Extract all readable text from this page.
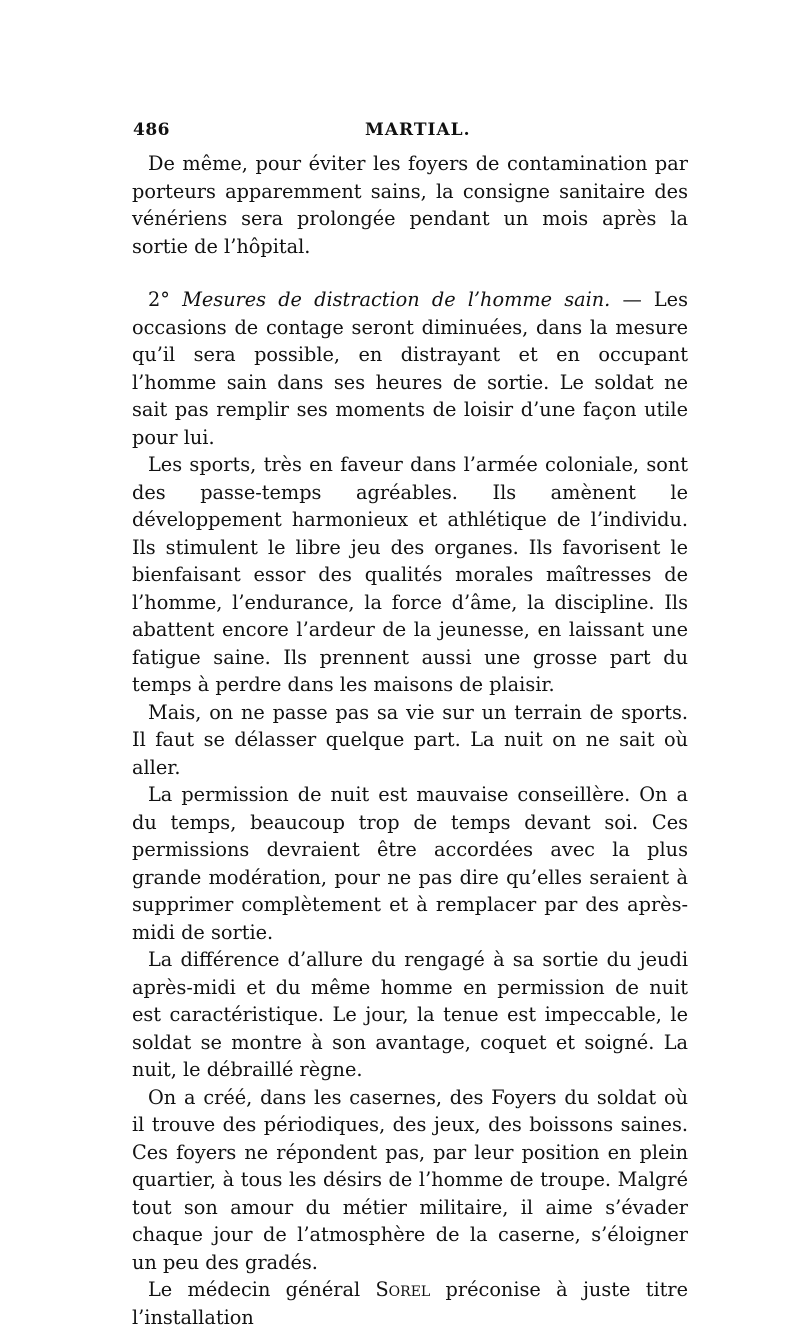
486	MARTIAL.

De même, pour éviter les foyers de contamination par porteurs apparemment sains, la consigne sanitaire des vénériens sera prolongée pendant un mois après la sortie de l’hôpital.

2° Mesures de distraction de l’homme sain. — Les occasions de contage seront diminuées, dans la mesure qu’il sera possible, en distrayant et en occupant l’homme sain dans ses heures de sortie. Le soldat ne sait pas remplir ses moments de loisir d’une façon utile pour lui.

Les sports, très en faveur dans l’armée coloniale, sont des passe-temps agréables. Ils amènent le développement harmonieux et athlétique de l’individu. Ils stimulent le libre jeu des organes. Ils favorisent le bienfaisant essor des qualités morales maîtresses de l’homme, l’endurance, la force d’âme, la discipline. Ils abattent encore l’ardeur de la jeunesse, en laissant une fatigue saine. Ils prennent aussi une grosse part du temps à perdre dans les maisons de plaisir.

Mais, on ne passe pas sa vie sur un terrain de sports. Il faut se délasser quelque part. La nuit on ne sait où aller.

La permission de nuit est mauvaise conseillère. On a du temps, beaucoup trop de temps devant soi. Ces permissions devraient être accordées avec la plus grande modération, pour ne pas dire qu’elles seraient à supprimer complètement et à remplacer par des après-midi de sortie.

La différence d’allure du rengagé à sa sortie du jeudi après-midi et du même homme en permission de nuit est caractéristique. Le jour, la tenue est impeccable, le soldat se montre à son avantage, coquet et soigné. La nuit, le débraillé règne.

On a créé, dans les casernes, des Foyers du soldat où il trouve des périodiques, des jeux, des boissons saines. Ces foyers ne répondent pas, par leur position en plein quartier, à tous les désirs de l’homme de troupe. Malgré tout son amour du métier militaire, il aime s’évader chaque jour de l’atmosphère de la caserne, s’éloigner un peu des gradés.

Le médecin général Sorel préconise à juste titre l’installation
